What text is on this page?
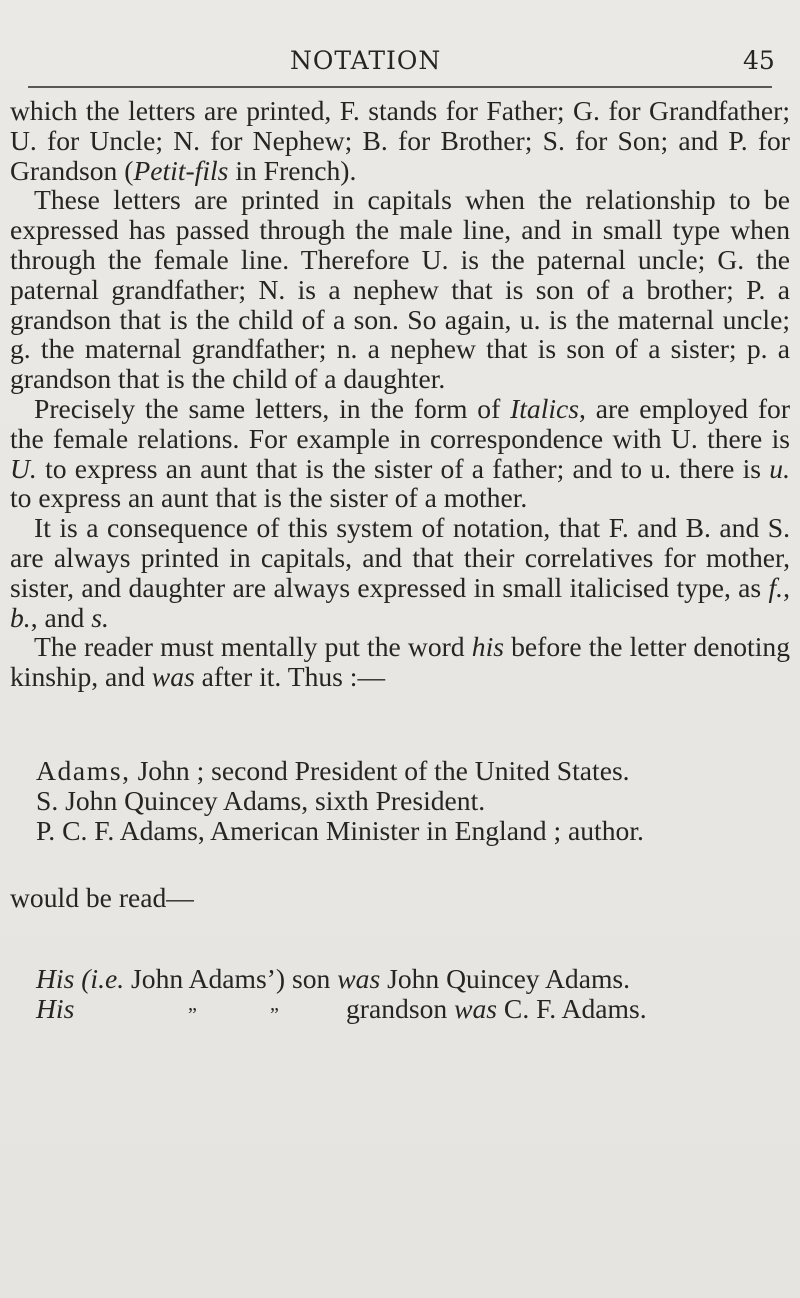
NOTATION	45

which the letters are printed, F. stands for Father; G. for Grandfather; U. for Uncle; N. for Nephew; B. for Brother; S. for Son; and P. for Grandson (Petit-fils in French).

These letters are printed in capitals when the relationship to be expressed has passed through the male line, and in small type when through the female line. Therefore U. is the paternal uncle; G. the paternal grandfather; N. is a nephew that is son of a brother; P. a grandson that is the child of a son. So again, u. is the maternal uncle; g. the maternal grandfather; n. a nephew that is son of a sister; p. a grandson that is the child of a daughter.

Precisely the same letters, in the form of Italics, are employed for the female relations. For example in correspondence with U. there is U. to express an aunt that is the sister of a father; and to u. there is u. to express an aunt that is the sister of a mother.

It is a consequence of this system of notation, that F. and B. and S. are always printed in capitals, and that their correlatives for mother, sister, and daughter are always expressed in small italicised type, as f., b., and s.

The reader must mentally put the word his before the letter denoting kinship, and was after it. Thus :—

Adams, John ; second President of the United States.
S. John Quincey Adams, sixth President.
P. C. F. Adams, American Minister in England ; author.
would be read—
His (i.e. John Adams’) son was John Quincey Adams.
His	”	” grandson was C. F. Adams.
